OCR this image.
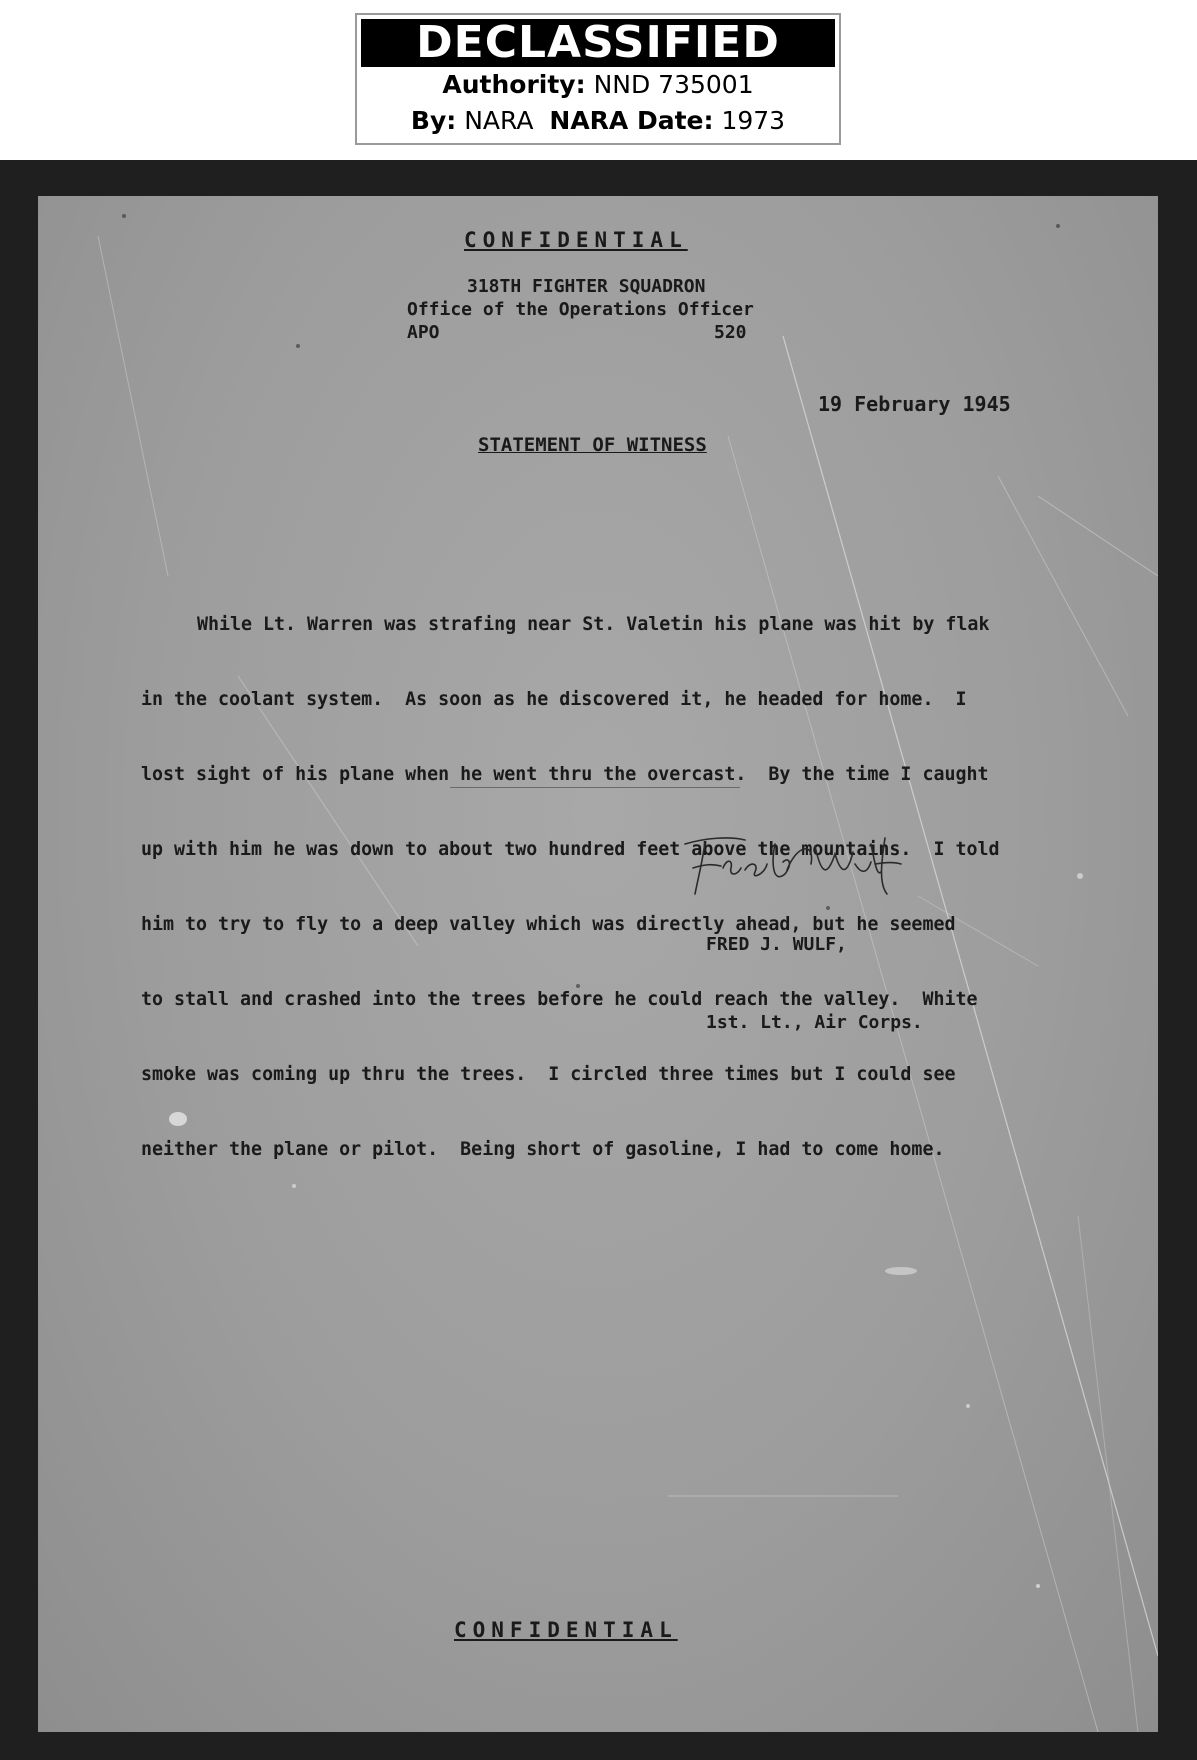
DECLASSIFIED
Authority: NND 735001
By: NARA NARA Date: 1973
CONFIDENTIAL
318TH FIGHTER SQUADRON
Office of the Operations Officer
APO	520
19 February 1945
STATEMENT OF WITNESS

While Lt. Warren was strafing near St. Valetin his plane was hit by flak

in the coolant system.  As soon as he discovered it, he headed for home.  I

lost sight of his plane when he went thru the overcast.  By the time I caught

up with him he was down to about two hundred feet above the mountains.  I told

him to try to fly to a deep valley which was directly ahead, but he seemed

to stall and crashed into the trees before he could reach the valley.  White

smoke was coming up thru the trees.  I circled three times but I could see

neither the plane or pilot.  Being short of gasoline, I had to come home.

FRED J. WULF,

1st. Lt., Air Corps.

CONFIDENTIAL
